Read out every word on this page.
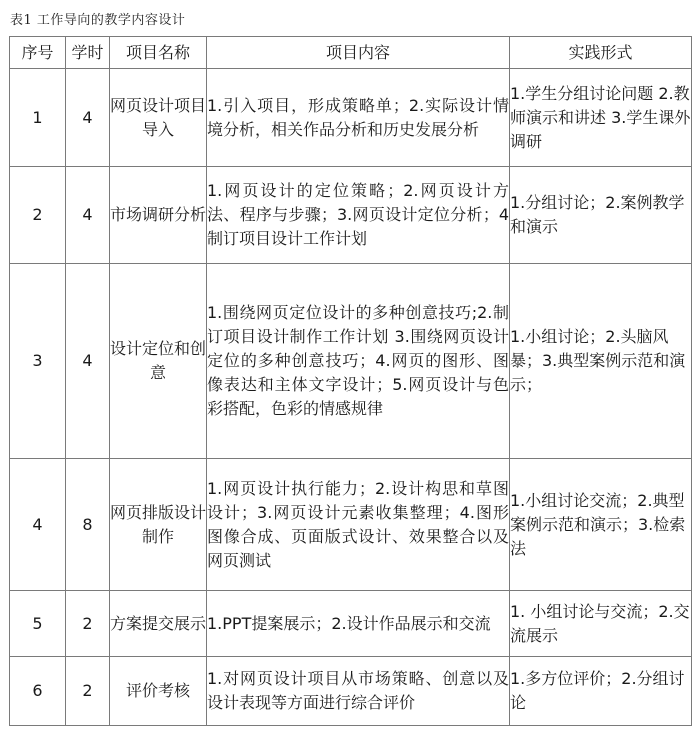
表1 工作导向的教学内容设计
序号	学时	项目名称	项目内容	实践形式
1	4	网页设计项目导入	1.引入项目，形成策略单；2.实际设计情境分析，相关作品分析和历史发展分析	1.学生分组讨论问题 2.教师演示和讲述 3.学生课外调研
2	4	市场调研分析	1.网页设计的定位策略；2.网页设计方法、程序与步骤；3.网页设计定位分析；4制订项目设计工作计划	1.分组讨论；2.案例教学和演示
3	4	设计定位和创意	1.围绕网页定位设计的多种创意技巧;2.制订项目设计制作工作计划 3.围绕网页设计定位的多种创意技巧；4.网页的图形、图像表达和主体文字设计；5.网页设计与色彩搭配，色彩的情感规律	1.小组讨论；2.头脑风暴；3.典型案例示范和演示；
4	8	网页排版设计制作	1.网页设计执行能力；2.设计构思和草图设计；3.网页设计元素收集整理；4.图形图像合成、页面版式设计、效果整合以及网页测试	1.小组讨论交流；2.典型案例示范和演示；3.检索法
5	2	方案提交展示	1.PPT提案展示；2.设计作品展示和交流	1. 小组讨论与交流；2.交流展示
6	2	评价考核	1.对网页设计项目从市场策略、创意以及设计表现等方面进行综合评价	1.多方位评价；2.分组讨论
